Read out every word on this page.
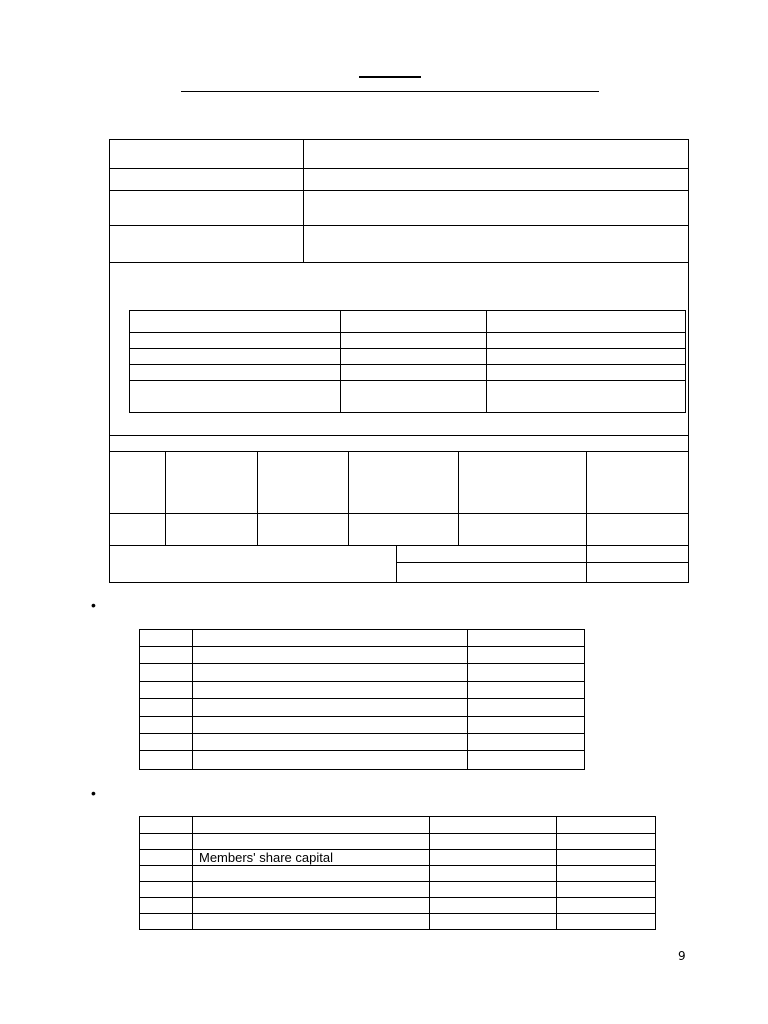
•

•

	Members' share capital		

9
